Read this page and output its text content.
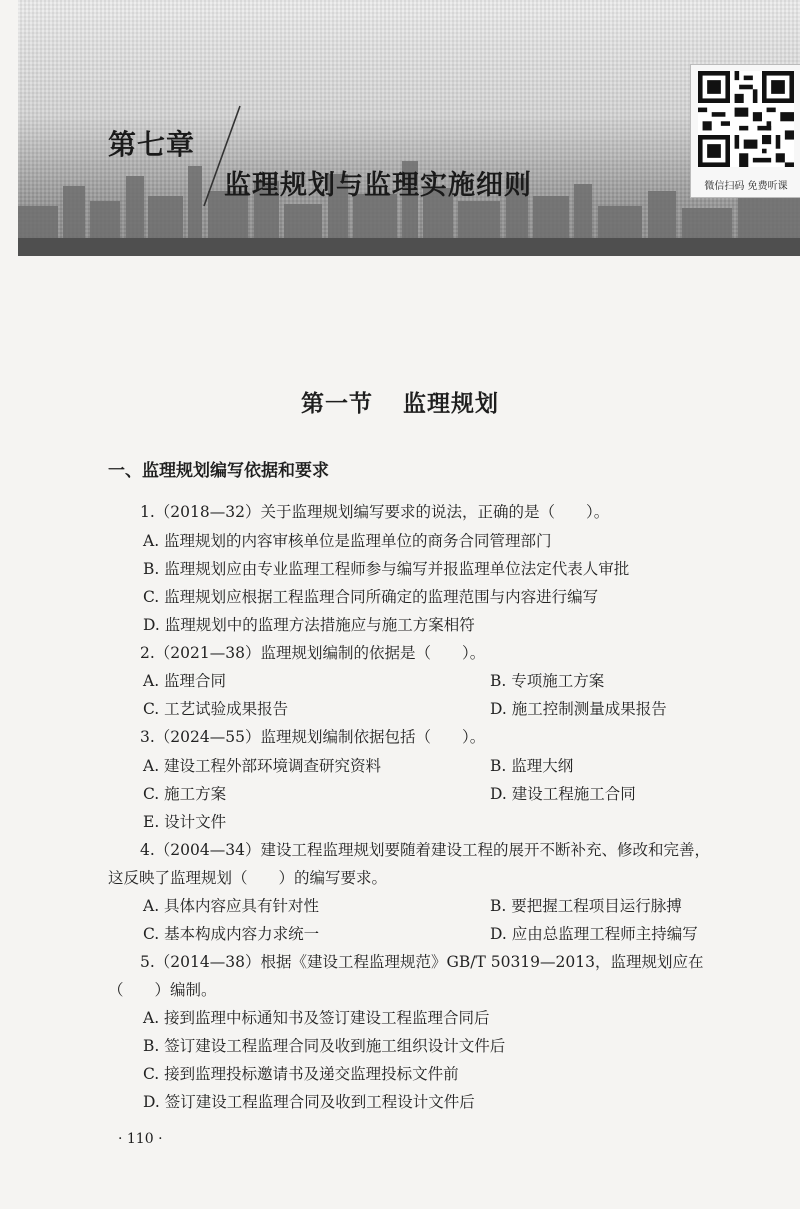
第七章
监理规划与监理实施细则	微信扫码 免费听课
第一节 监理规划
一、监理规划编写依据和要求
1.（2018—32）关于监理规划编写要求的说法，正确的是（　　）。
A. 监理规划的内容审核单位是监理单位的商务合同管理部门
B. 监理规划应由专业监理工程师参与编写并报监理单位法定代表人审批
C. 监理规划应根据工程监理合同所确定的监理范围与内容进行编写
D. 监理规划中的监理方法措施应与施工方案相符
2.（2021—38）监理规划编制的依据是（　　）。
A. 监理合同	B. 专项施工方案
C. 工艺试验成果报告	D. 施工控制测量成果报告
3.（2024—55）监理规划编制依据包括（　　）。
A. 建设工程外部环境调查研究资料	B. 监理大纲
C. 施工方案	D. 建设工程施工合同
E. 设计文件
4.（2004—34）建设工程监理规划要随着建设工程的展开不断补充、修改和完善，
这反映了监理规划（　　）的编写要求。
A. 具体内容应具有针对性	B. 要把握工程项目运行脉搏
C. 基本构成内容力求统一	D. 应由总监理工程师主持编写
5.（2014—38）根据《建设工程监理规范》GB/T 50319—2013，监理规划应在
（　　）编制。
A. 接到监理中标通知书及签订建设工程监理合同后
B. 签订建设工程监理合同及收到施工组织设计文件后
C. 接到监理投标邀请书及递交监理投标文件前
D. 签订建设工程监理合同及收到工程设计文件后
· 110 ·
